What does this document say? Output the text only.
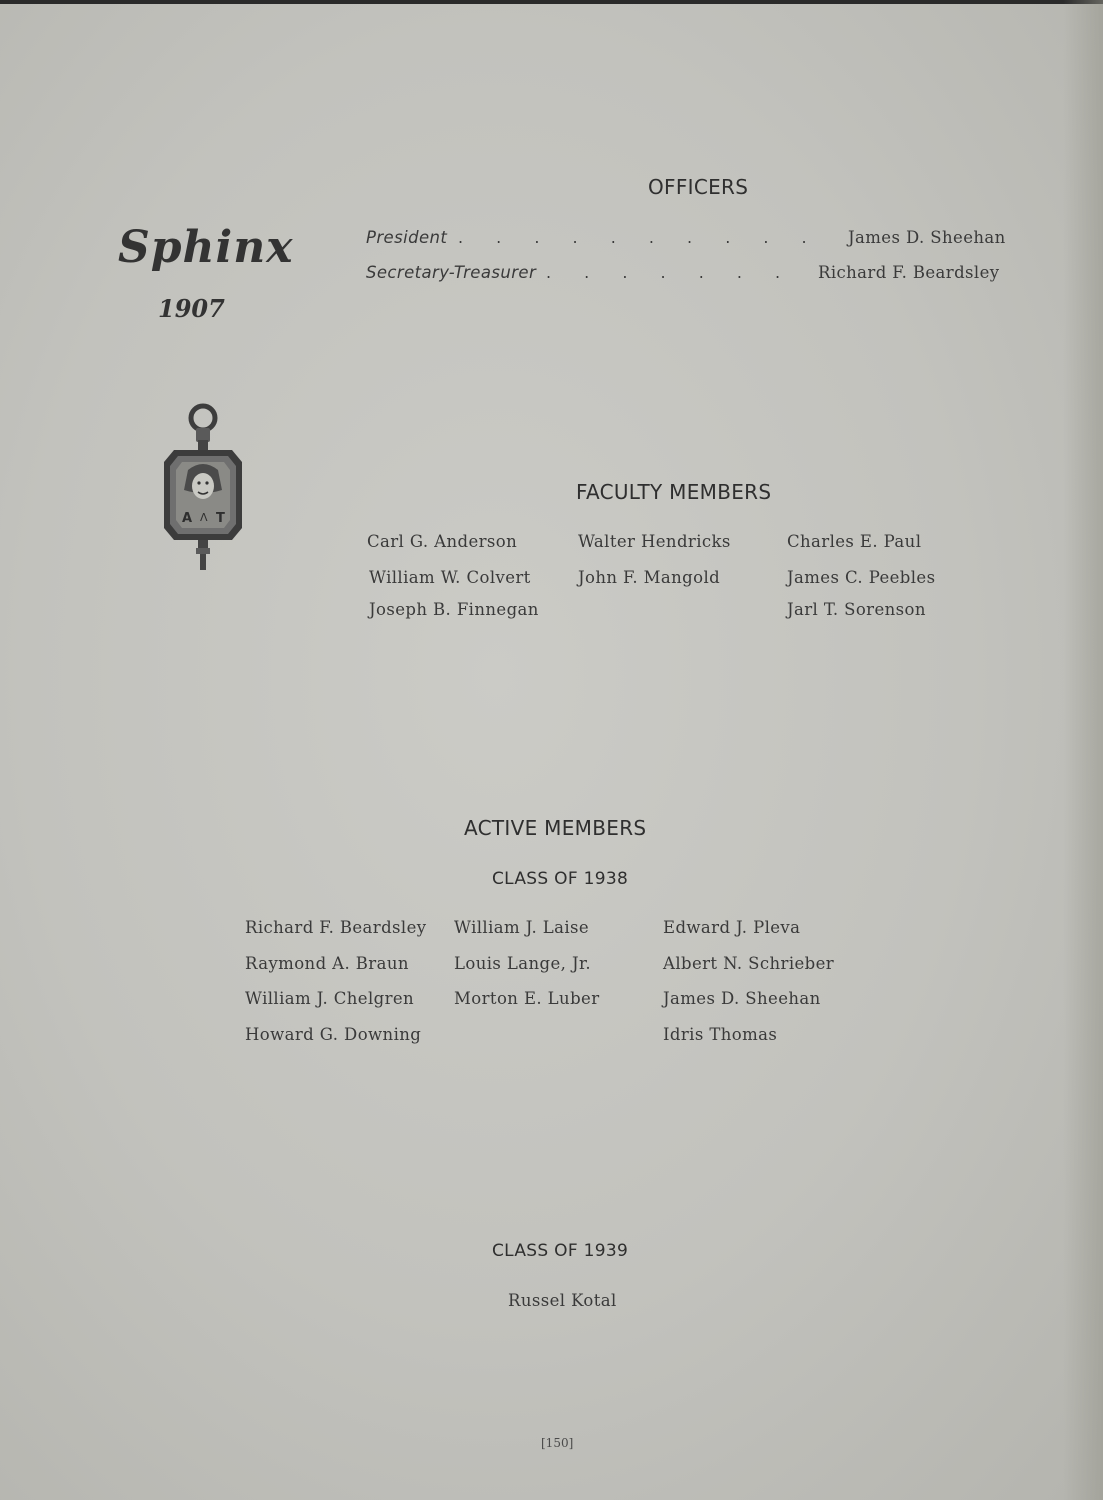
Sphinx
1907
A Λ T
OFFICERS
President . . . . . . . . . .	James D. Sheehan
Secretary-Treasurer . . . . . . . Richard F. Beardsley
FACULTY MEMBERS
Carl G. Anderson
William W. Colvert
Joseph B. Finnegan
Walter Hendricks
John F. Mangold
Charles E. Paul
James C. Peebles
Jarl T. Sorenson
ACTIVE MEMBERS
CLASS OF 1938
Richard F. Beardsley
Raymond A. Braun
William J. Chelgren
Howard G. Downing
William J. Laise
Louis Lange, Jr.
Morton E. Luber
Edward J. Pleva
Albert N. Schrieber
James D. Sheehan
Idris Thomas
CLASS OF 1939
Russel Kotal
[150]
